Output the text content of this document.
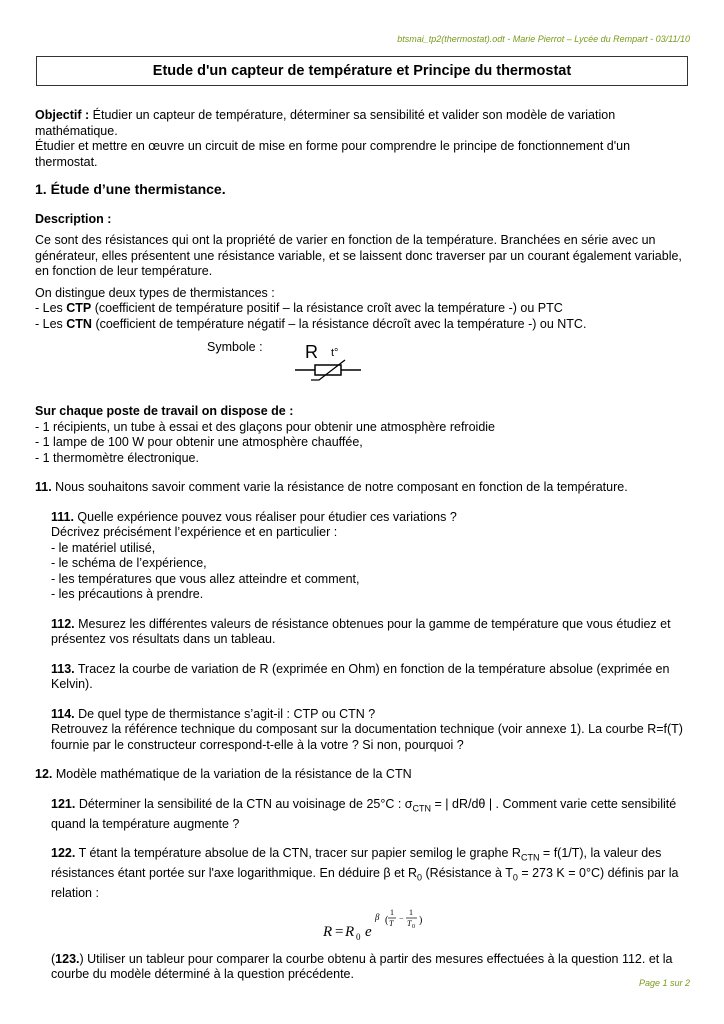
btsmai_tp2(thermostat).odt - Marie Pierrot – Lycée du Rempart - 03/11/10
Etude d'un capteur de température et Principe du thermostat

Objectif : Étudier un capteur de température, déterminer sa sensibilité et valider son modèle de variation mathématique.
Étudier et mettre en œuvre un circuit de mise en forme pour comprendre le principe de fonctionnement d'un thermostat.

1. Étude d’une thermistance.

Description :

Ce sont des résistances qui ont la propriété de varier en fonction de la température. Branchées en série avec un générateur, elles présentent une résistance variable, et se laissent donc traverser par un courant également variable, en fonction de leur température.

On distingue deux types de thermistances :

- Les CTP (coefficient de température positif – la résistance croît avec la température -) ou PTC

- Les CTN (coefficient de température négatif – la résistance décroît avec la température -) ou NTC.

Symbole : R t°

Sur chaque poste de travail on dispose de :

- 1 récipients, un tube à essai et des glaçons pour obtenir une atmosphère refroidie

- 1 lampe de 100 W pour obtenir une atmosphère chauffée,

- 1 thermomètre électronique.

11. Nous souhaitons savoir comment varie la résistance de notre composant en fonction de la température.

111. Quelle expérience pouvez vous réaliser pour étudier ces variations ?

Décrivez précisément l’expérience et en particulier :

- le matériel utilisé,

- le schéma de l’expérience,

- les températures que vous allez atteindre et comment,

- les précautions à prendre.

112. Mesurez les différentes valeurs de résistance obtenues pour la gamme de température que vous étudiez et présentez vos résultats dans un tableau.

113. Tracez la courbe de variation de R (exprimée en Ohm) en fonction de la température absolue (exprimée en Kelvin).

114. De quel type de thermistance s’agit-il : CTP ou CTN ?

Retrouvez la référence technique du composant sur la documentation technique (voir annexe 1). La courbe R=f(T) fournie par le constructeur correspond-t-elle à la votre ? Si non, pourquoi ?

12. Modèle mathématique de la variation de la résistance de la CTN

121. Déterminer la sensibilité de la CTN au voisinage de 25°C : $\sigma_{CTN}$ = | dR/dθ | . Comment varie cette sensibilité quand la température augmente ?

122. T étant la température absolue de la CTN, tracer sur papier semilog le graphe $R_{CTN} = f(1/T)$, la valeur des résistances étant portée sur l'axe logarithmique. En déduire β et $R_0$ (Résistance à $T_0 = 273$ K = 0°C) définis par la relation :

R = R 0 e
β (
1
T
−
1
T 0
)

(123.) Utiliser un tableur pour comparer la courbe obtenu à partir des mesures effectuées à la question 112. et la courbe du modèle déterminé à la question précédente.

Page 1 sur 2
